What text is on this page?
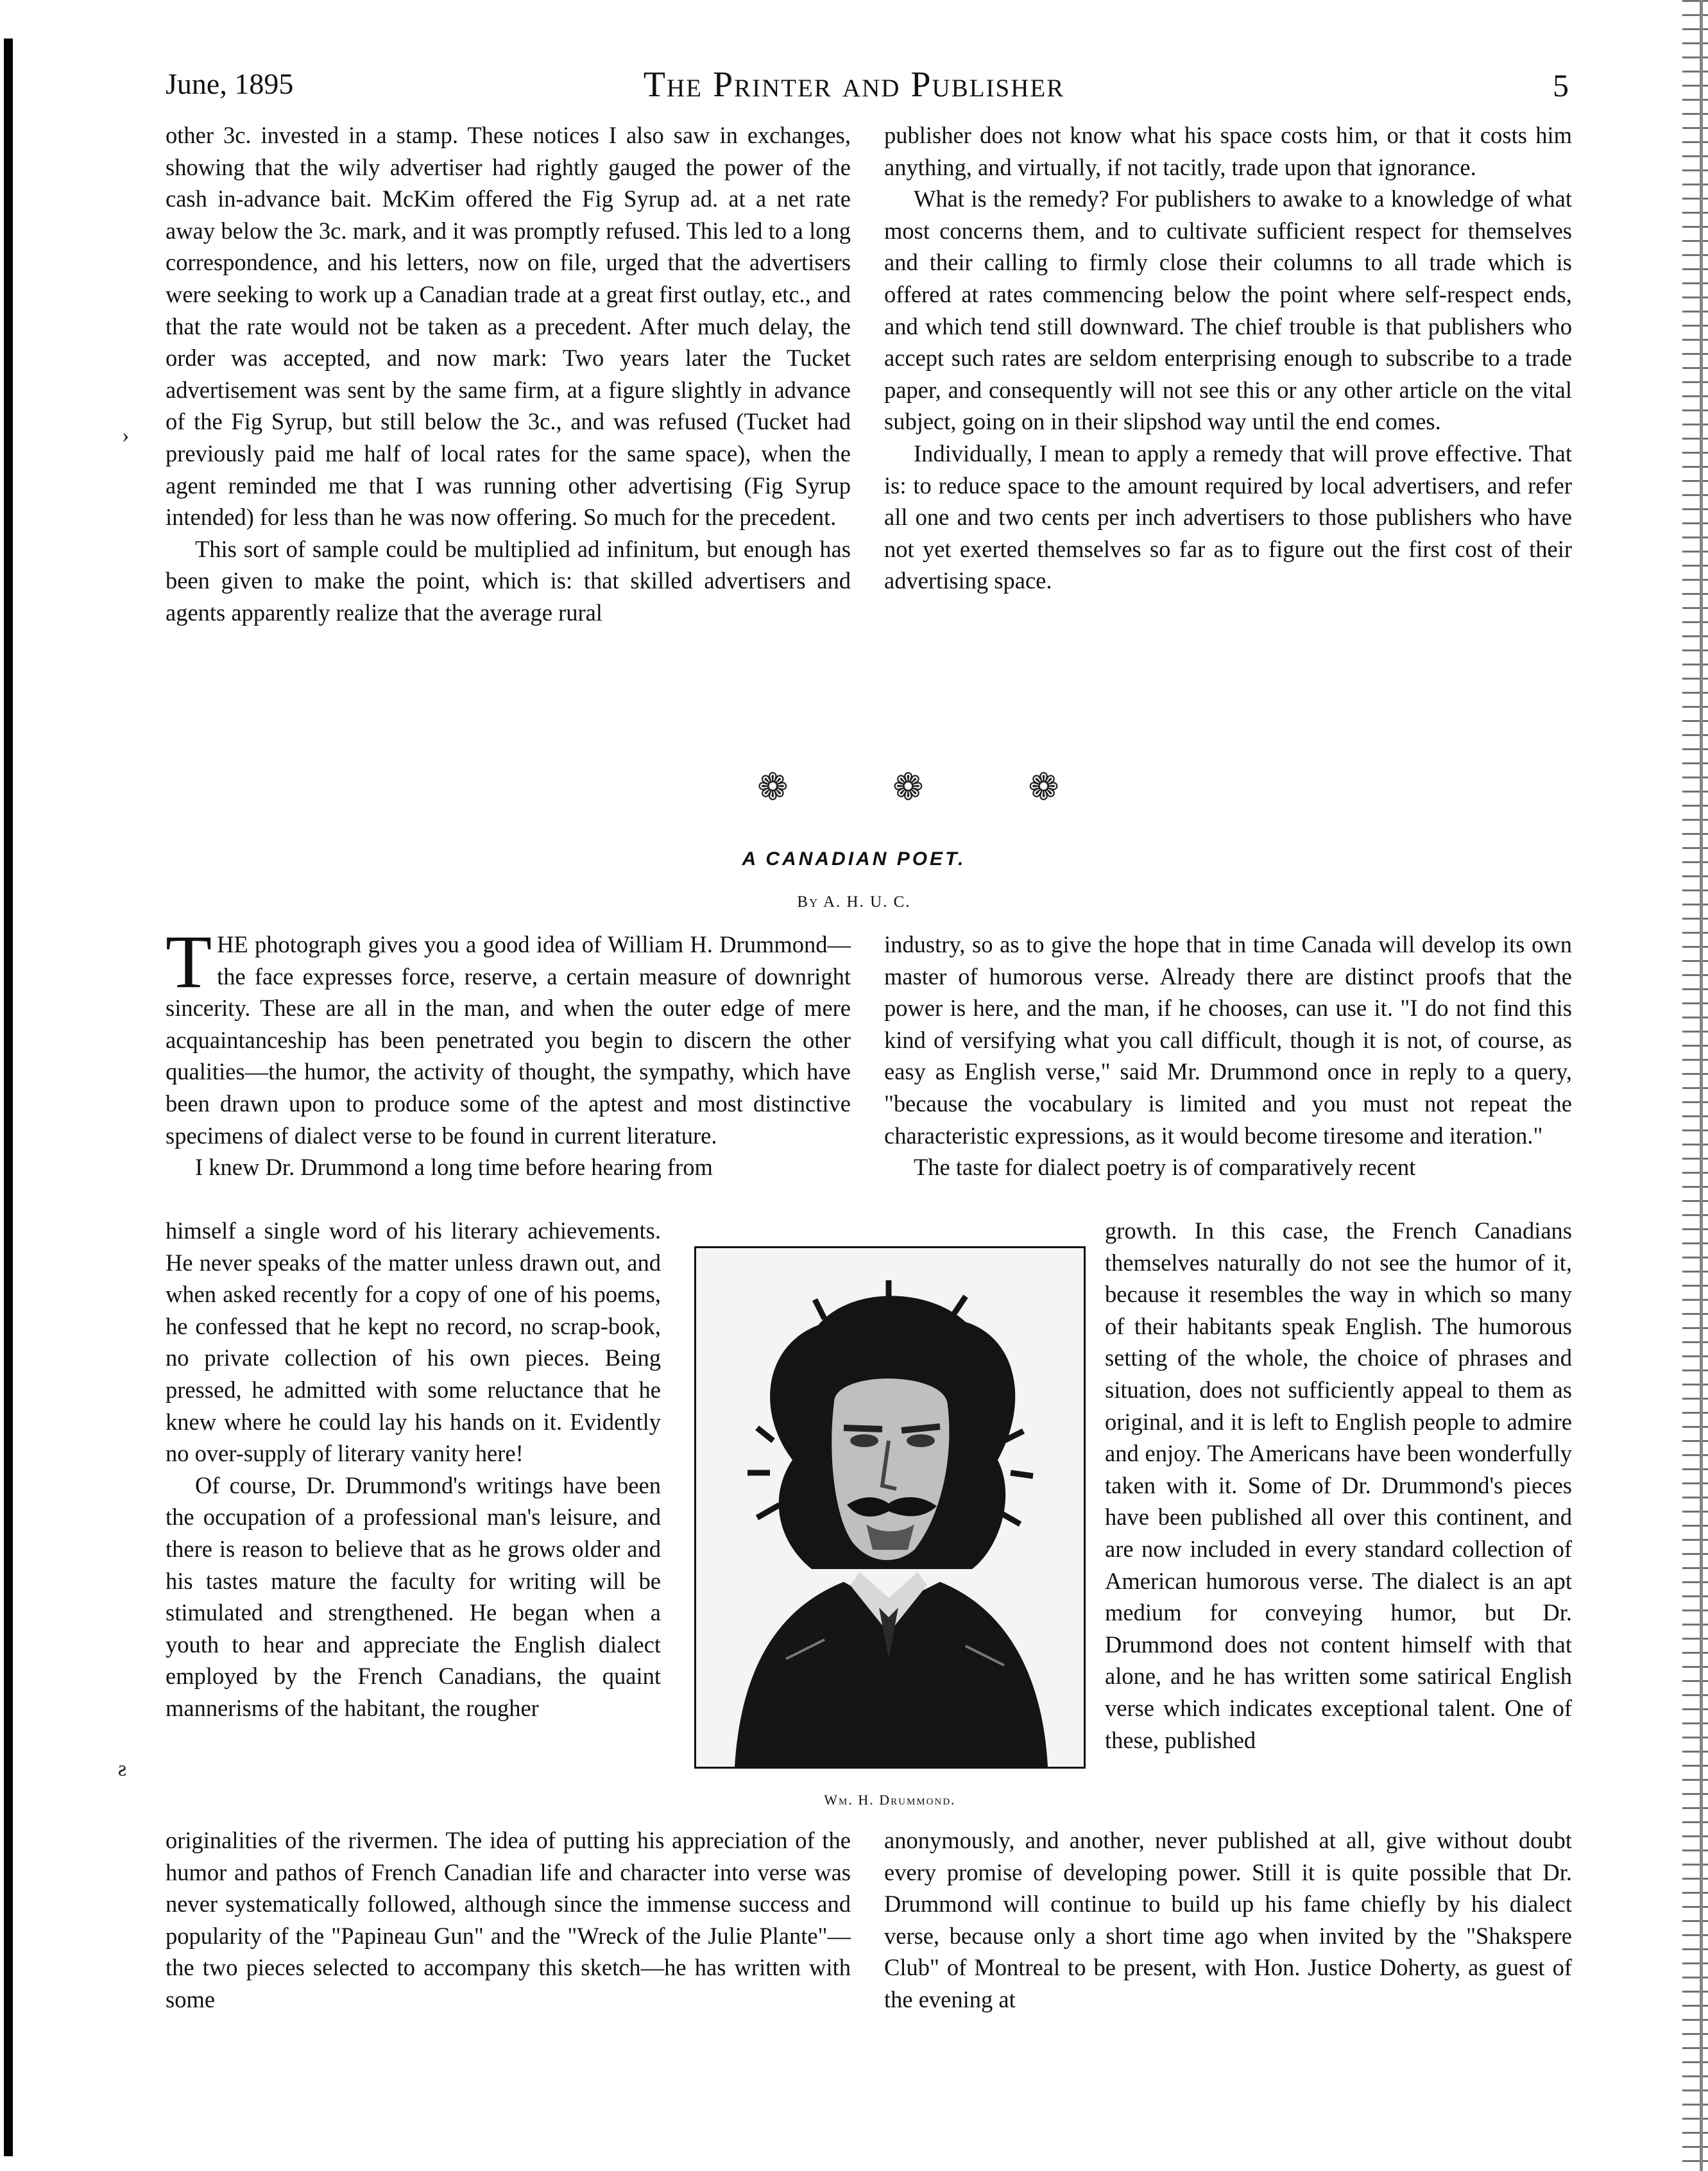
›
ƨ
June, 1895	The Printer and Publisher	5

other 3c. invested in a stamp. These notices I also saw in exchanges, showing that the wily advertiser had rightly gauged the power of the cash in-advance bait. McKim offered the Fig Syrup ad. at a net rate away below the 3c. mark, and it was promptly refused. This led to a long correspondence, and his letters, now on file, urged that the advertisers were seeking to work up a Canadian trade at a great first outlay, etc., and that the rate would not be taken as a precedent. After much delay, the order was accepted, and now mark: Two years later the Tucket advertisement was sent by the same firm, at a figure slightly in advance of the Fig Syrup, but still below the 3c., and was refused (Tucket had previously paid me half of local rates for the same space), when the agent reminded me that I was running other advertising (Fig Syrup intended) for less than he was now offering. So much for the precedent.

This sort of sample could be multiplied ad infinitum, but enough has been given to make the point, which is: that skilled advertisers and agents apparently realize that the average rural

publisher does not know what his space costs him, or that it costs him anything, and virtually, if not tacitly, trade upon that ignorance.

What is the remedy? For publishers to awake to a knowledge of what most concerns them, and to cultivate sufficient respect for themselves and their calling to firmly close their columns to all trade which is offered at rates commencing below the point where self-respect ends, and which tend still downward. The chief trouble is that publishers who accept such rates are seldom enterprising enough to subscribe to a trade paper, and consequently will not see this or any other article on the vital subject, going on in their slipshod way until the end comes.

Individually, I mean to apply a remedy that will prove effective. That is: to reduce space to the amount required by local advertisers, and refer all one and two cents per inch advertisers to those publishers who have not yet exerted themselves so far as to figure out the first cost of their advertising space.

❁ ❁ ❁
A CANADIAN POET.
By A. H. U. C.
THE photograph gives you a good idea of William H. Drummond—the face expresses force, reserve, a certain measure of downright sincerity. These are all in the man, and when the outer edge of mere acquaintanceship has been penetrated you begin to discern the other qualities—the humor, the activity of thought, the sympathy, which have been drawn upon to produce some of the aptest and most distinctive specimens of dialect verse to be found in current literature.

I knew Dr. Drummond a long time before hearing from

himself a single word of his literary achievements. He never speaks of the matter unless drawn out, and when asked recently for a copy of one of his poems, he confessed that he kept no record, no scrap-book, no private collection of his own pieces. Being pressed, he admitted with some reluctance that he knew where he could lay his hands on it. Evidently no over-supply of literary vanity here!

Of course, Dr. Drummond's writings have been the occupation of a professional man's leisure, and there is reason to believe that as he grows older and his tastes mature the faculty for writing will be stimulated and strengthened. He began when a youth to hear and appreciate the English dialect employed by the French Canadians, the quaint mannerisms of the habitant, the rougher

originalities of the rivermen. The idea of putting his appreciation of the humor and pathos of French Canadian life and character into verse was never systematically followed, although since the immense success and popularity of the "Papineau Gun" and the "Wreck of the Julie Plante"—the two pieces selected to accompany this sketch—he has written with some

industry, so as to give the hope that in time Canada will develop its own master of humorous verse. Already there are distinct proofs that the power is here, and the man, if he chooses, can use it. "I do not find this kind of versifying what you call difficult, though it is not, of course, as easy as English verse," said Mr. Drummond once in reply to a query, "because the vocabulary is limited and you must not repeat the characteristic expressions, as it would become tiresome and iteration."

The taste for dialect poetry is of comparatively recent

growth. In this case, the French Canadians themselves naturally do not see the humor of it, because it resembles the way in which so many of their habitants speak English. The humorous setting of the whole, the choice of phrases and situation, does not sufficiently appeal to them as original, and it is left to English people to admire and enjoy. The Americans have been wonderfully taken with it. Some of Dr. Drummond's pieces have been published all over this continent, and are now included in every standard collection of American humorous verse. The dialect is an apt medium for conveying humor, but Dr. Drummond does not content himself with that alone, and he has written some satirical English verse which indicates exceptional talent. One of these, published

anonymously, and another, never published at all, give without doubt every promise of developing power. Still it is quite possible that Dr. Drummond will continue to build up his fame chiefly by his dialect verse, because only a short time ago when invited by the "Shakspere Club" of Montreal to be present, with Hon. Justice Doherty, as guest of the evening at

Wm. H. Drummond.
